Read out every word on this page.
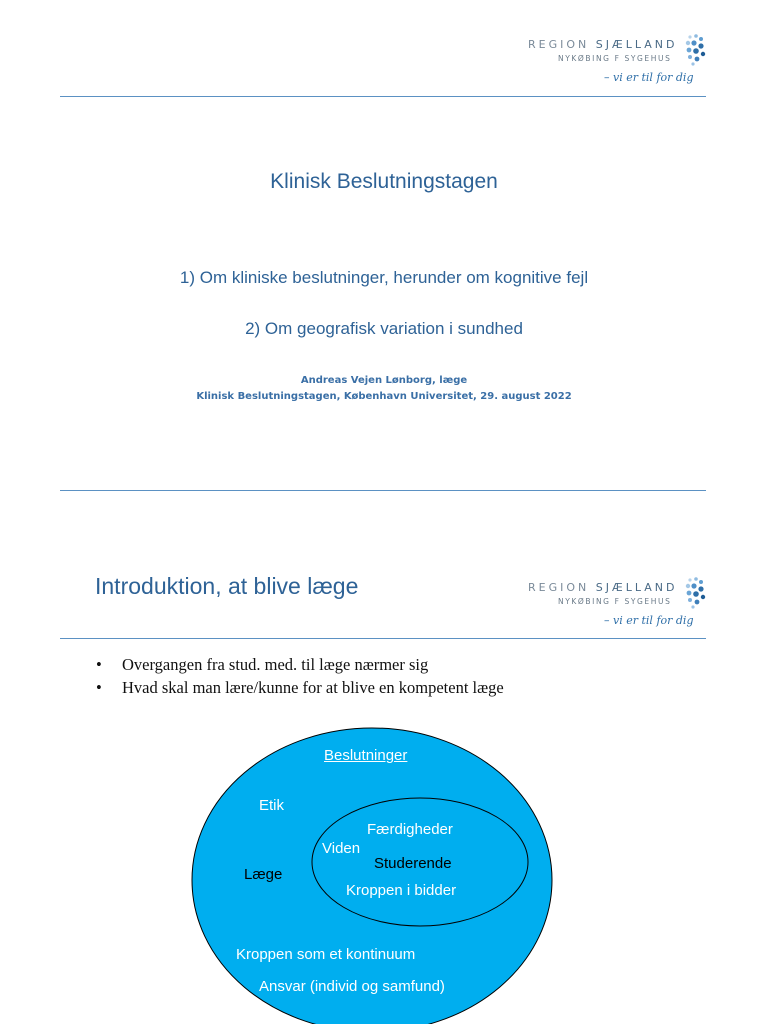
REGION SJÆLLAND
NYKØBING F SYGEHUS
– vi er til for dig
Klinisk Beslutningstagen
1) Om kliniske beslutninger, herunder om kognitive fejl
2) Om geografisk variation i sundhed
Andreas Vejen Lønborg, læge
Klinisk Beslutningstagen, København Universitet, 29. august 2022
Introduktion, at blive læge	REGION SJÆLLAND
NYKØBING F SYGEHUS
– vi er til for dig
• Overgangen fra stud. med. til læge nærmer sig
• Hvad skal man lære/kunne for at blive en kompetent læge
Beslutninger
Etik
Læge
Færdigheder
Viden
Studerende
Kroppen i bidder
Kroppen som et kontinuum
Ansvar (individ og samfund)
